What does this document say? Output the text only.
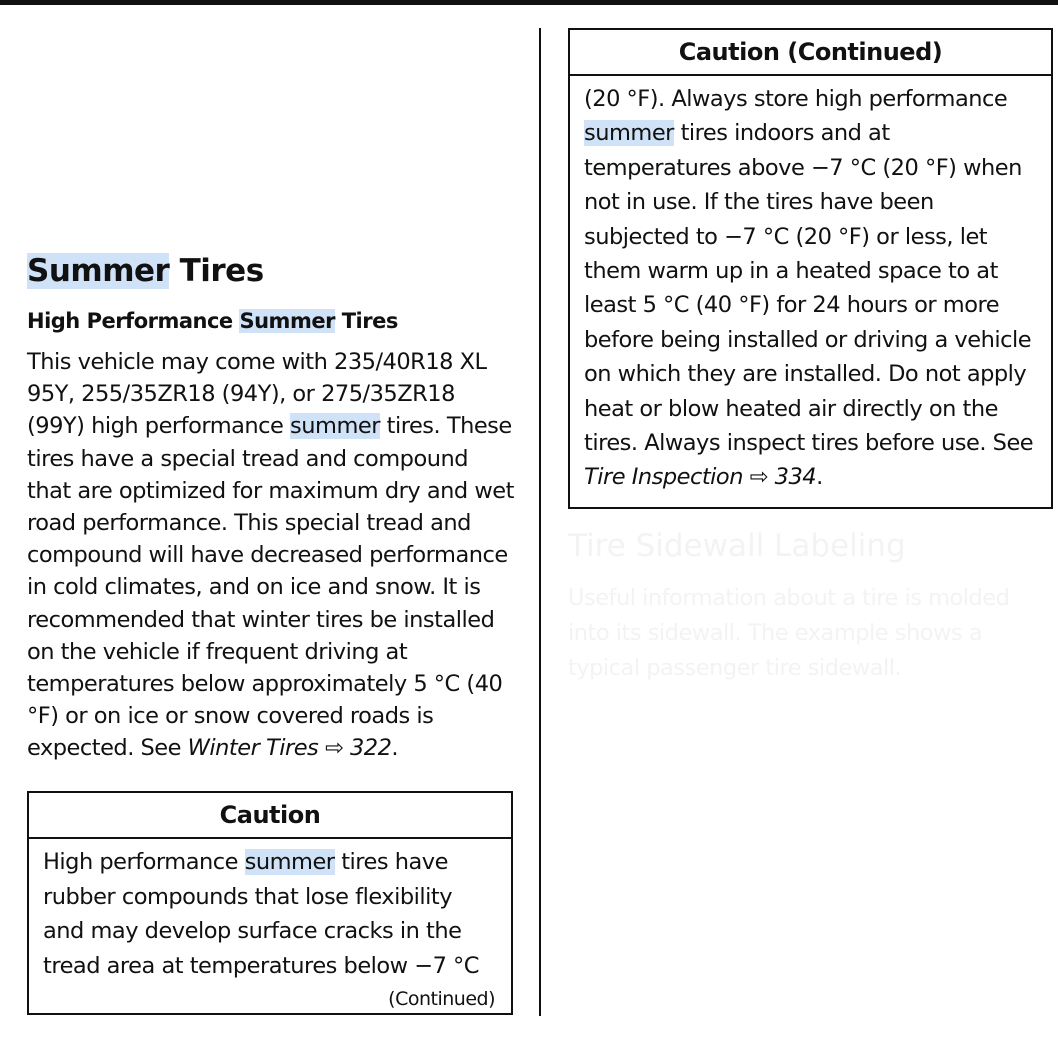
Summer Tires
High Performance Summer Tires

This vehicle may come with 235/40R18 XL 95Y, 255/35ZR18 (94Y), or 275/35ZR18 (99Y) high performance summer tires. These tires have a special tread and compound that are optimized for maximum dry and wet road performance. This special tread and compound will have decreased performance in cold climates, and on ice and snow. It is recommended that winter tires be installed on the vehicle if frequent driving at temperatures below approximately 5 °C (40 °F) or on ice or snow covered roads is expected. See Winter Tires ⇨ 322.

Caution
High performance summer tires have rubber compounds that lose flexibility and may develop surface cracks in the tread area at temperatures below −7 °C
(Continued)
Caution (Continued)
(20 °F). Always store high performance summer tires indoors and at temperatures above −7 °C (20 °F) when not in use. If the tires have been subjected to −7 °C (20 °F) or less, let them warm up in a heated space to at least 5 °C (40 °F) for 24 hours or more before being installed or driving a vehicle on which they are installed. Do not apply heat or blow heated air directly on the tires. Always inspect tires before use. See Tire Inspection ⇨ 334.
Tire Sidewall Labeling

Useful information about a tire is molded into its sidewall. The example shows a typical passenger tire sidewall.
